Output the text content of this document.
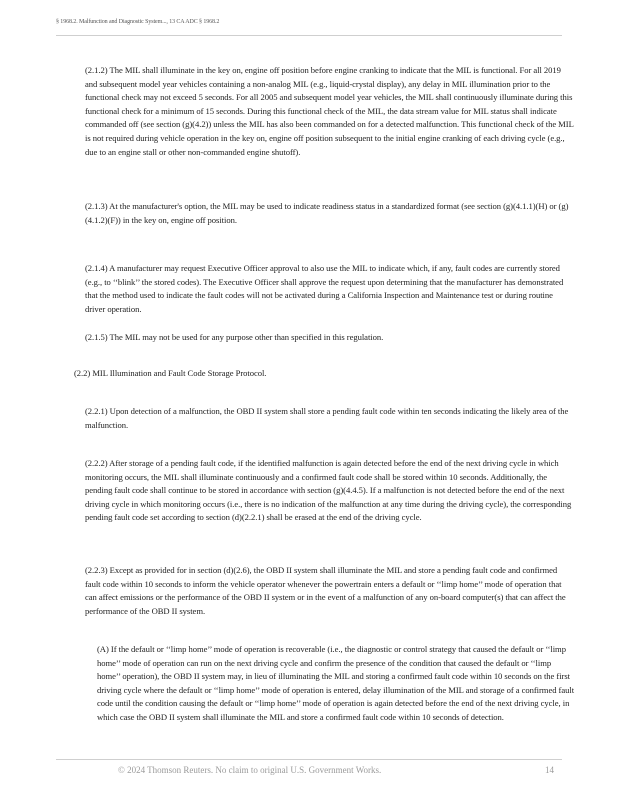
§ 1968.2. Malfunction and Diagnostic System..., 13 CA ADC § 1968.2

(2.1.2) The MIL shall illuminate in the key on, engine off position before engine cranking to indicate that the MIL is functional. For all 2019 and subsequent model year vehicles containing a non-analog MIL (e.g., liquid-crystal display), any delay in MIL illumination prior to the functional check may not exceed 5 seconds. For all 2005 and subsequent model year vehicles, the MIL shall continuously illuminate during this functional check for a minimum of 15 seconds. During this functional check of the MIL, the data stream value for MIL status shall indicate commanded off (see section (g)(4.2)) unless the MIL has also been commanded on for a detected malfunction. This functional check of the MIL is not required during vehicle operation in the key on, engine off position subsequent to the initial engine cranking of each driving cycle (e.g., due to an engine stall or other non-commanded engine shutoff).

(2.1.3) At the manufacturer's option, the MIL may be used to indicate readiness status in a standardized format (see section (g)(4.1.1)(H) or (g)(4.1.2)(F)) in the key on, engine off position.

(2.1.4) A manufacturer may request Executive Officer approval to also use the MIL to indicate which, if any, fault codes are currently stored (e.g., to ‘‘blink’’ the stored codes). The Executive Officer shall approve the request upon determining that the manufacturer has demonstrated that the method used to indicate the fault codes will not be activated during a California Inspection and Maintenance test or during routine driver operation.

(2.1.5) The MIL may not be used for any purpose other than specified in this regulation.

(2.2) MIL Illumination and Fault Code Storage Protocol.

(2.2.1) Upon detection of a malfunction, the OBD II system shall store a pending fault code within ten seconds indicating the likely area of the malfunction.

(2.2.2) After storage of a pending fault code, if the identified malfunction is again detected before the end of the next driving cycle in which monitoring occurs, the MIL shall illuminate continuously and a confirmed fault code shall be stored within 10 seconds. Additionally, the pending fault code shall continue to be stored in accordance with section (g)(4.4.5). If a malfunction is not detected before the end of the next driving cycle in which monitoring occurs (i.e., there is no indication of the malfunction at any time during the driving cycle), the corresponding pending fault code set according to section (d)(2.2.1) shall be erased at the end of the driving cycle.

(2.2.3) Except as provided for in section (d)(2.6), the OBD II system shall illuminate the MIL and store a pending fault code and confirmed fault code within 10 seconds to inform the vehicle operator whenever the powertrain enters a default or ‘‘limp home’’ mode of operation that can affect emissions or the performance of the OBD II system or in the event of a malfunction of any on-board computer(s) that can affect the performance of the OBD II system.

(A) If the default or ‘‘limp home’’ mode of operation is recoverable (i.e., the diagnostic or control strategy that caused the default or ‘‘limp home’’ mode of operation can run on the next driving cycle and confirm the presence of the condition that caused the default or ‘‘limp home’’ operation), the OBD II system may, in lieu of illuminating the MIL and storing a confirmed fault code within 10 seconds on the first driving cycle where the default or ‘‘limp home’’ mode of operation is entered, delay illumination of the MIL and storage of a confirmed fault code until the condition causing the default or ‘‘limp home’’ mode of operation is again detected before the end of the next driving cycle, in which case the OBD II system shall illuminate the MIL and store a confirmed fault code within 10 seconds of detection.

© 2024 Thomson Reuters. No claim to original U.S. Government Works.	14
